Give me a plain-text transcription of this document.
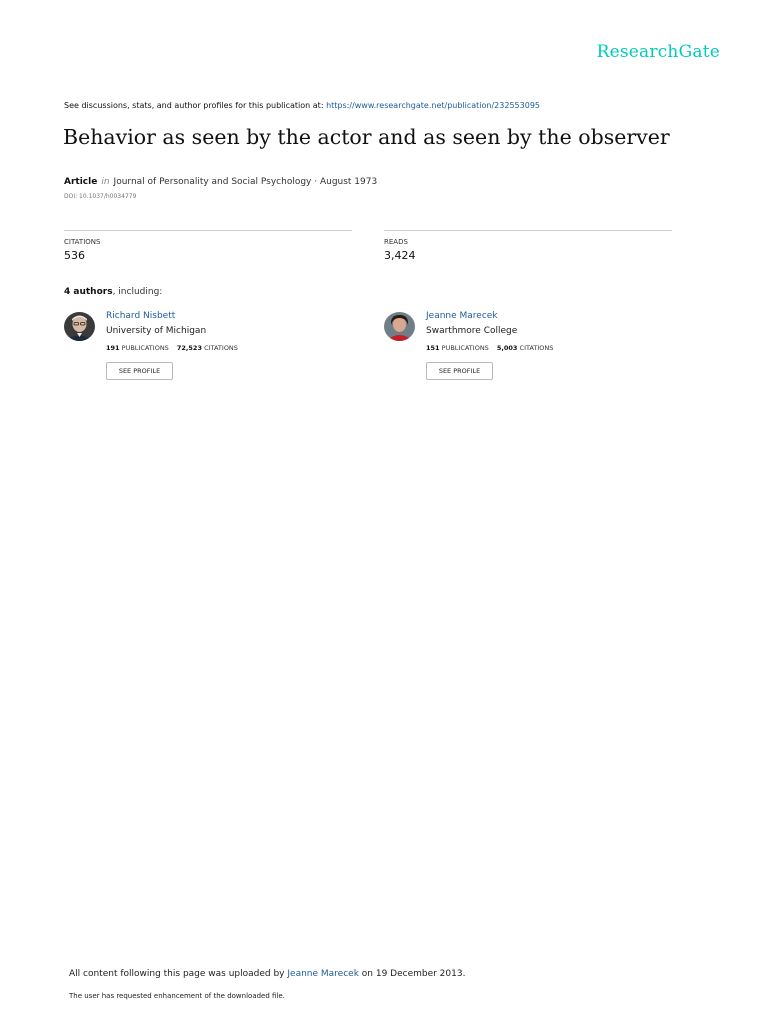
ResearchGate
See discussions, stats, and author profiles for this publication at: https://www.researchgate.net/publication/232553095
Behavior as seen by the actor and as seen by the observer
Article in Journal of Personality and Social Psychology · August 1973
DOI: 10.1037/h0034779
CITATIONS
536
READS
3,424
4 authors, including:
Richard Nisbett
University of Michigan
191 PUBLICATIONS 72,523 CITATIONS
SEE PROFILE
Jeanne Marecek
Swarthmore College
151 PUBLICATIONS 5,003 CITATIONS
SEE PROFILE
All content following this page was uploaded by Jeanne Marecek on 19 December 2013.
The user has requested enhancement of the downloaded file.
